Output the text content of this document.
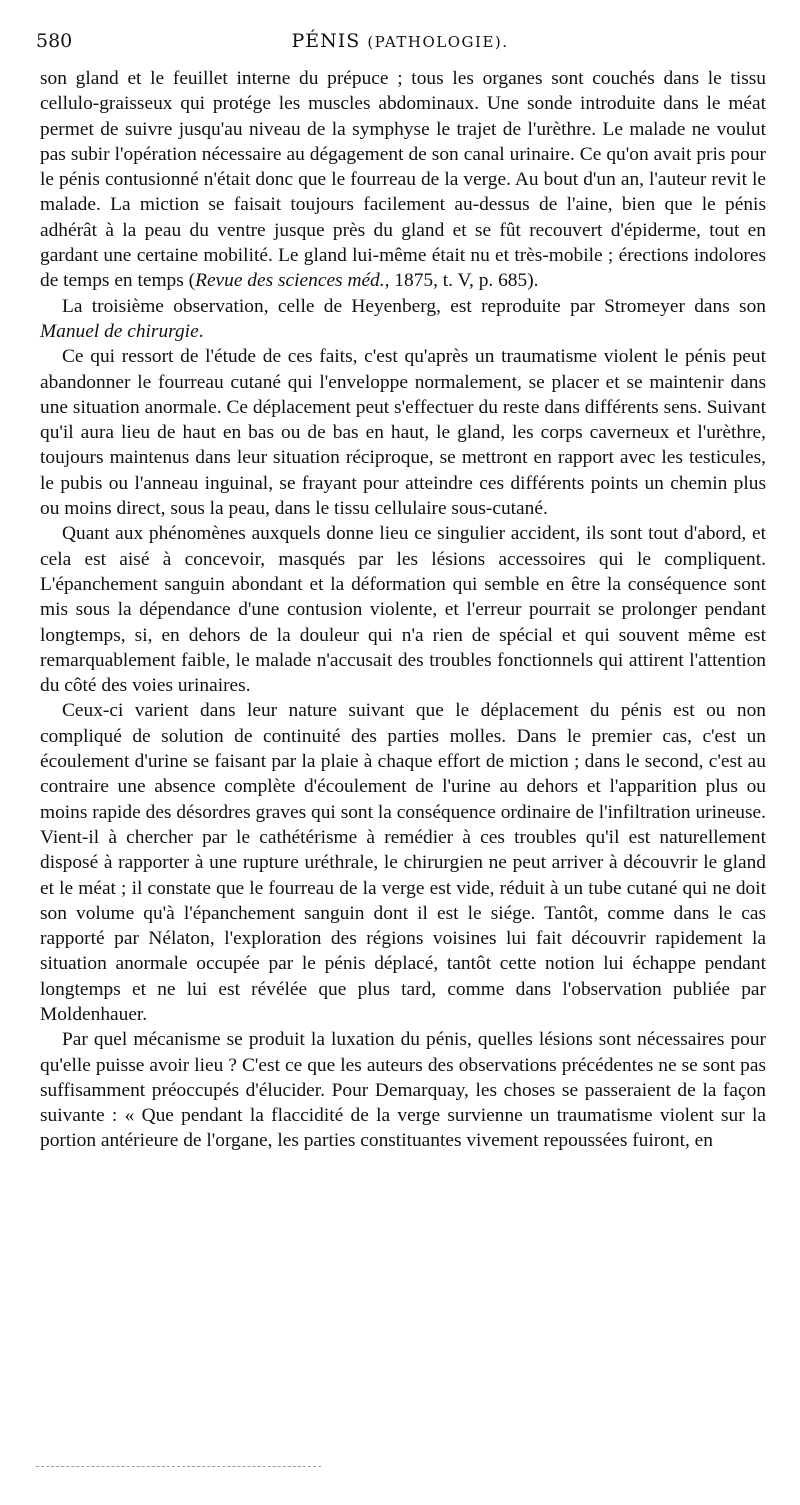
580	PÉNIS (PATHOLOGIE).

son gland et le feuillet interne du prépuce ; tous les organes sont couchés dans le tissu cellulo-graisseux qui protége les muscles abdominaux. Une sonde introduite dans le méat permet de suivre jusqu'au niveau de la symphyse le trajet de l'urèthre. Le malade ne voulut pas subir l'opération nécessaire au dégagement de son canal urinaire. Ce qu'on avait pris pour le pénis contusionné n'était donc que le fourreau de la verge. Au bout d'un an, l'auteur revit le malade. La miction se faisait toujours facilement au-dessus de l'aine, bien que le pénis adhérât à la peau du ventre jusque près du gland et se fût recouvert d'épiderme, tout en gardant une certaine mobilité. Le gland lui-même était nu et très-mobile ; érections indolores de temps en temps (Revue des sciences méd., 1875, t. V, p. 685).

La troisième observation, celle de Heyenberg, est reproduite par Stromeyer dans son Manuel de chirurgie.

Ce qui ressort de l'étude de ces faits, c'est qu'après un traumatisme violent le pénis peut abandonner le fourreau cutané qui l'enveloppe normalement, se placer et se maintenir dans une situation anormale. Ce déplacement peut s'effectuer du reste dans différents sens. Suivant qu'il aura lieu de haut en bas ou de bas en haut, le gland, les corps caverneux et l'urèthre, toujours maintenus dans leur situation réciproque, se mettront en rapport avec les testicules, le pubis ou l'anneau inguinal, se frayant pour atteindre ces différents points un chemin plus ou moins direct, sous la peau, dans le tissu cellulaire sous-cutané.

Quant aux phénomènes auxquels donne lieu ce singulier accident, ils sont tout d'abord, et cela est aisé à concevoir, masqués par les lésions accessoires qui le compliquent. L'épanchement sanguin abondant et la déformation qui semble en être la conséquence sont mis sous la dépendance d'une contusion violente, et l'erreur pourrait se prolonger pendant longtemps, si, en dehors de la douleur qui n'a rien de spécial et qui souvent même est remarquablement faible, le malade n'accusait des troubles fonctionnels qui attirent l'attention du côté des voies urinaires.

Ceux-ci varient dans leur nature suivant que le déplacement du pénis est ou non compliqué de solution de continuité des parties molles. Dans le premier cas, c'est un écoulement d'urine se faisant par la plaie à chaque effort de miction ; dans le second, c'est au contraire une absence complète d'écoulement de l'urine au dehors et l'apparition plus ou moins rapide des désordres graves qui sont la conséquence ordinaire de l'infiltration urineuse. Vient-il à chercher par le cathétérisme à remédier à ces troubles qu'il est naturellement disposé à rapporter à une rupture uréthrale, le chirurgien ne peut arriver à découvrir le gland et le méat ; il constate que le fourreau de la verge est vide, réduit à un tube cutané qui ne doit son volume qu'à l'épanchement sanguin dont il est le siége. Tantôt, comme dans le cas rapporté par Nélaton, l'exploration des régions voisines lui fait découvrir rapidement la situation anormale occupée par le pénis déplacé, tantôt cette notion lui échappe pendant longtemps et ne lui est révélée que plus tard, comme dans l'observation publiée par Moldenhauer.

Par quel mécanisme se produit la luxation du pénis, quelles lésions sont nécessaires pour qu'elle puisse avoir lieu ? C'est ce que les auteurs des observations précédentes ne se sont pas suffisamment préoccupés d'élucider. Pour Demarquay, les choses se passeraient de la façon suivante : « Que pendant la flaccidité de la verge survienne un traumatisme violent sur la portion antérieure de l'organe, les parties constituantes vivement repoussées fuiront, en
